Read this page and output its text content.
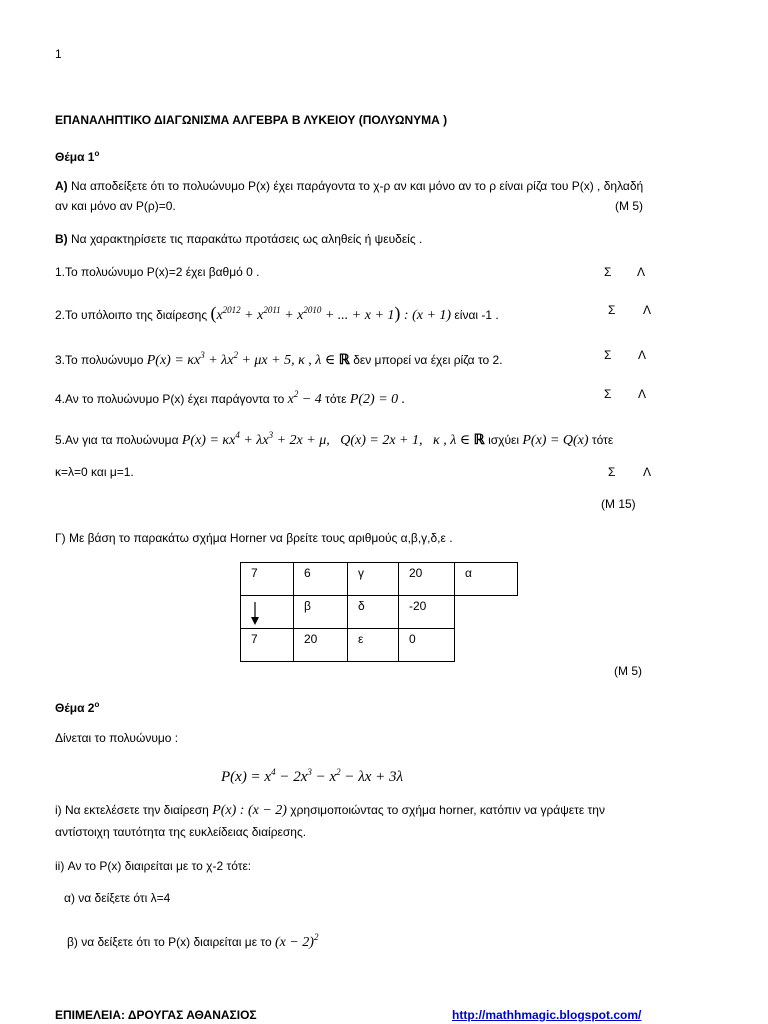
1
ΕΠΑΝΑΛΗΠΤΙΚΟ ΔΙΑΓΩΝΙΣΜΑ ΑΛΓΕΒΡΑ Β ΛΥΚΕΙΟΥ (ΠΟΛΥΩΝΥΜΑ )
Θέμα $1^o$
Α) Να αποδείξετε ότι το πολυώνυμο P(x) έχει παράγοντα το χ-ρ αν και μόνο αν το ρ είναι ρίζα του P(x) , δηλαδή
αν και μόνο αν P(ρ)=0.	(Μ 5)
Β) Να χαρακτηρίσετε τις παρακάτω προτάσεις ως αληθείς ή ψευδείς .
1.Το πολυώνυμο P(x)=2 έχει βαθμό 0 .	Σ Λ
2.Το υπόλοιπο της διαίρεσης ($x^{2012} + x^{2011} + x^{2010}$ + ... + x + 1) : (x + 1) είναι -1 .	Σ Λ
3.Το πολυώνυμο $P(x) = \kappa x^3 + \lambda x^2 + \mu x + 5$, κ , λ ∈ ℝ δεν μπορεί να έχει ρίζα το 2.	Σ Λ
4.Αν το πολυώνυμο P(x) έχει παράγοντα το $x^2 - 4$ τότε P(2) = 0 .	Σ Λ
5.Αν για τα πολυώνυμα $P(x) = \kappa x^4 + \lambda x^3 + 2x + \mu$,   Q(x) = 2x + 1,   κ , λ ∈ ℝ ισχύει P(x) = Q(x) τότε
κ=λ=0 και μ=1.	Σ Λ
(Μ 15)
Γ) Με βάση το παρακάτω σχήμα Horner να βρείτε τους αριθμούς α,β,γ,δ,ε .
7	6	γ	20	α

	β	δ	-20	
7	20	ε	0	
(Μ 5)
Θέμα $2^o$
Δίνεται το πολυώνυμο :
$P(x) = x^4 - 2x^3 - x^2 - \lambda x + 3\lambda$
i) Να εκτελέσετε την διαίρεση P(x) : (x − 2) χρησιμοποιώντας το σχήμα horner, κατόπιν να γράψετε την
αντίστοιχη ταυτότητα της ευκλείδειας διαίρεσης.
ii) Αν το P(x) διαιρείται με το χ-2 τότε:
α) να δείξετε ότι λ=4
β) να δείξετε ότι το P(x) διαιρείται με το $(x - 2)^2$
ΕΠΙΜΕΛΕΙΑ: ΔΡΟΥΓΑΣ ΑΘΑΝΑΣΙΟΣ	http://mathhmagic.blogspot.com/
